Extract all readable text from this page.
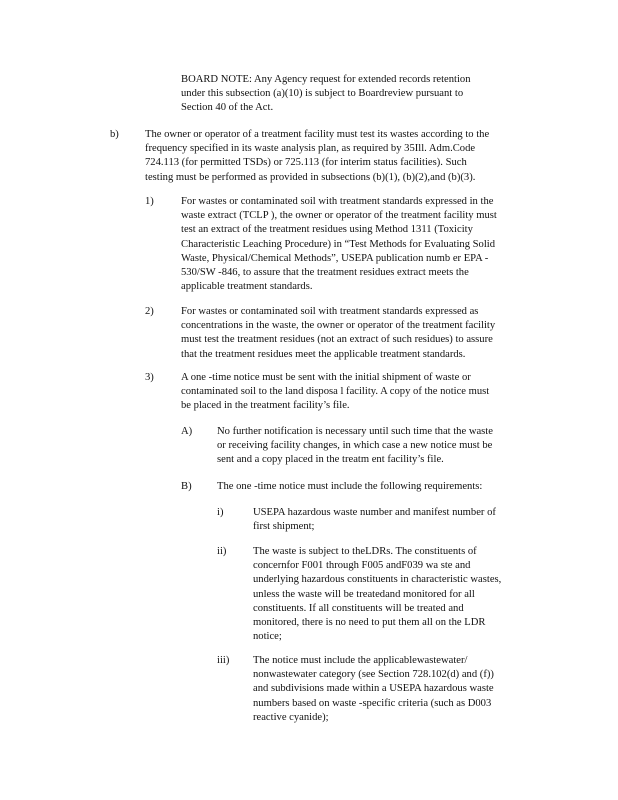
BOARD NOTE: Any Agency request for extended records retention

under this subsection (a)(10) is subject to Boardreview pursuant to

Section 40 of the Act.

b) The owner or operator of a treatment facility must test its wastes according to the

frequency specified in its waste analysis plan, as required by 35Ill. Adm.Code

724.113 (for permitted TSDs) or 725.113 (for interim status facilities). Such

testing must be performed as provided in subsections (b)(1), (b)(2),and (b)(3).

1)	For wastes or contaminated soil with treatment standards expressed in the

waste extract (TCLP ), the owner or operator of the treatment facility must

test an extract of the treatment residues using Method 1311 (Toxicity

Characteristic Leaching Procedure) in “Test Methods for Evaluating Solid

Waste, Physical/Chemical Methods”, USEPA publication numb er EPA -

530/SW -846, to assure that the treatment residues extract meets the

applicable treatment standards.

2)	For wastes or contaminated soil with treatment standards expressed as

concentrations in the waste, the owner or operator of the treatment facility

must test the treatment residues (not an extract of such residues) to assure

that the treatment residues meet the applicable treatment standards.

3)	A one -time notice must be sent with the initial shipment of waste or

contaminated soil to the land disposa l facility. A copy of the notice must

be placed in the treatment facility’s file.

A) No further notification is necessary until such time that the waste

or receiving facility changes, in which case a new notice must be

sent and a copy placed in the treatm ent facility’s file.

B) The one -time notice must include the following requirements:

i)	USEPA hazardous waste number and manifest number of

first shipment;

ii)	The waste is subject to theLDRs. The constituents of

concernfor F001 through F005 andF039 wa ste and

underlying hazardous constituents in characteristic wastes,

unless the waste will be treatedand monitored for all

constituents. If all constituents will be treated and

monitored, there is no need to put them all on the LDR

notice;

iii) The notice must include the applicablewastewater/

nonwastewater category (see Section 728.102(d) and (f))

and subdivisions made within a USEPA hazardous waste

numbers based on waste -specific criteria (such as D003

reactive cyanide);
